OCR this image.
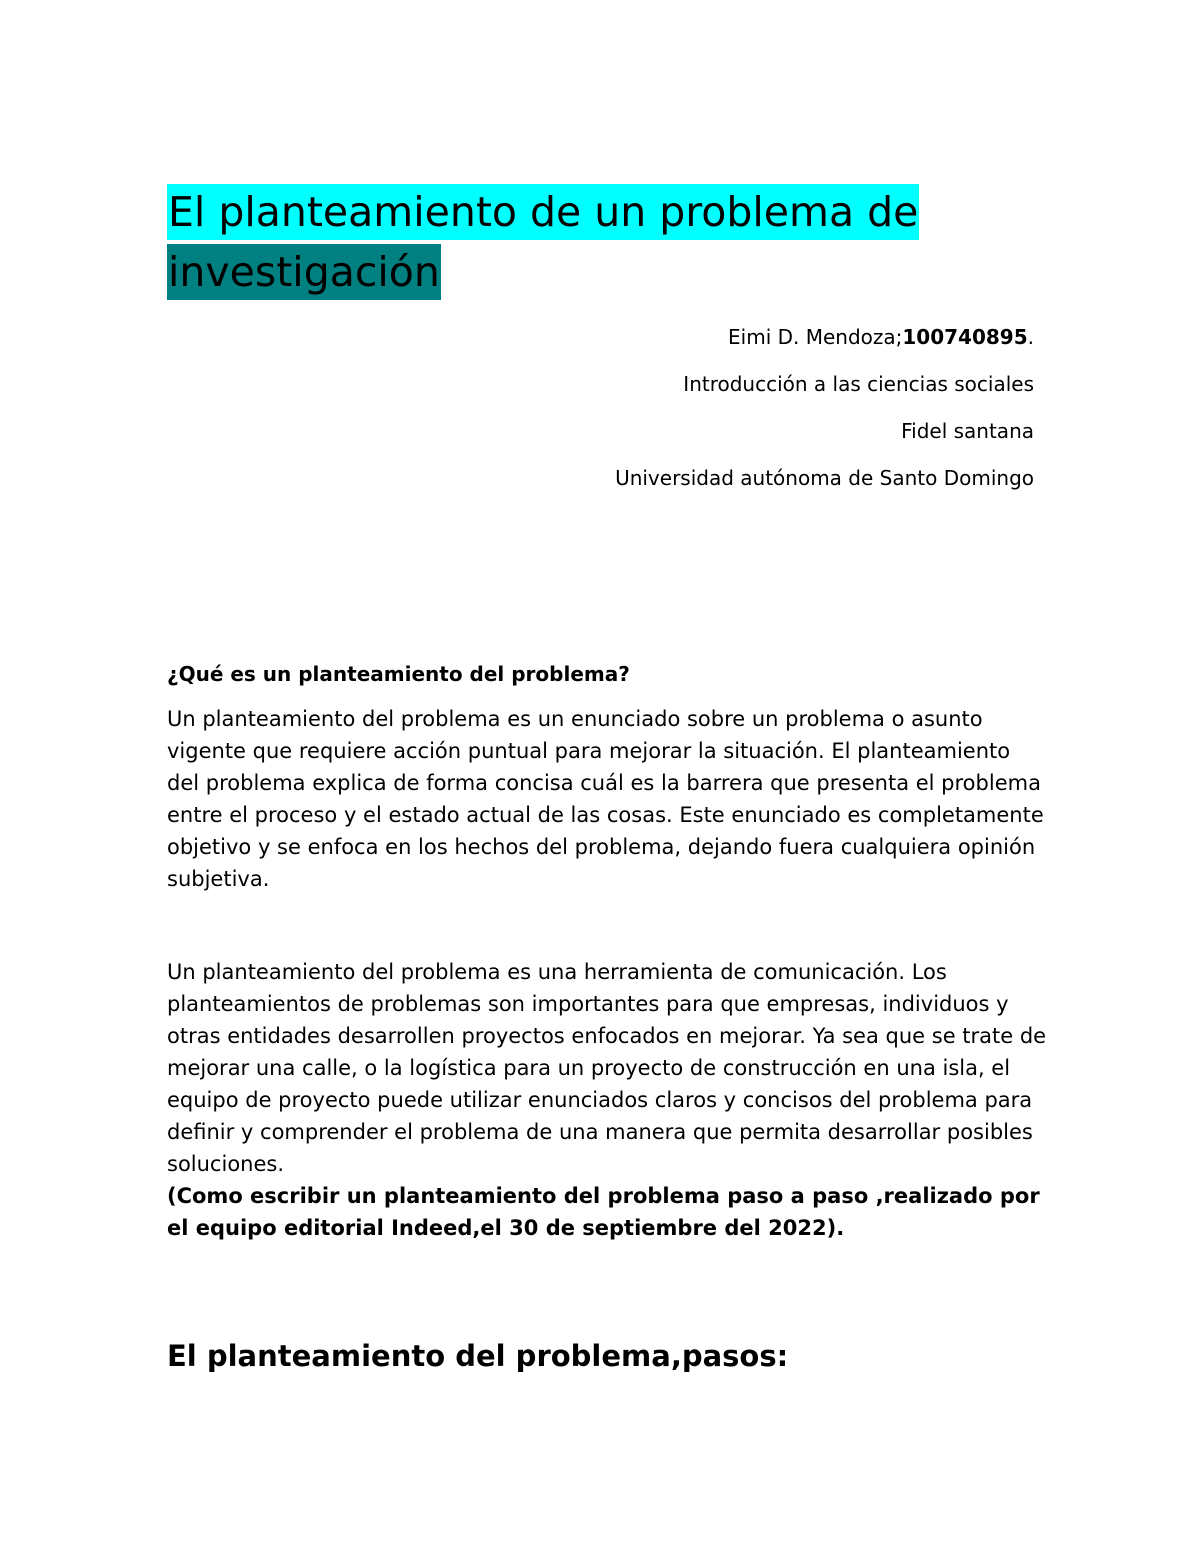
El planteamiento de un problema de
investigación

Eimi D. Mendoza;100740895.

Introducción a las ciencias sociales

Fidel santana

Universidad autónoma de Santo Domingo

¿Qué es un planteamiento del problema?

Un planteamiento del problema es un enunciado sobre un problema o asunto vigente que requiere acción puntual para mejorar la situación. El planteamiento del problema explica de forma concisa cuál es la barrera que presenta el problema entre el proceso y el estado actual de las cosas. Este enunciado es completamente objetivo y se enfoca en los hechos del problema, dejando fuera cualquiera opinión subjetiva.

Un planteamiento del problema es una herramienta de comunicación. Los planteamientos de problemas son importantes para que empresas, individuos y otras entidades desarrollen proyectos enfocados en mejorar. Ya sea que se trate de mejorar una calle, o la logística para un proyecto de construcción en una isla, el equipo de proyecto puede utilizar enunciados claros y concisos del problema para definir y comprender el problema de una manera que permita desarrollar posibles soluciones.
(Como escribir un planteamiento del problema paso a paso ,realizado por el equipo editorial Indeed,el 30 de septiembre del 2022).

El planteamiento del problema,pasos:
